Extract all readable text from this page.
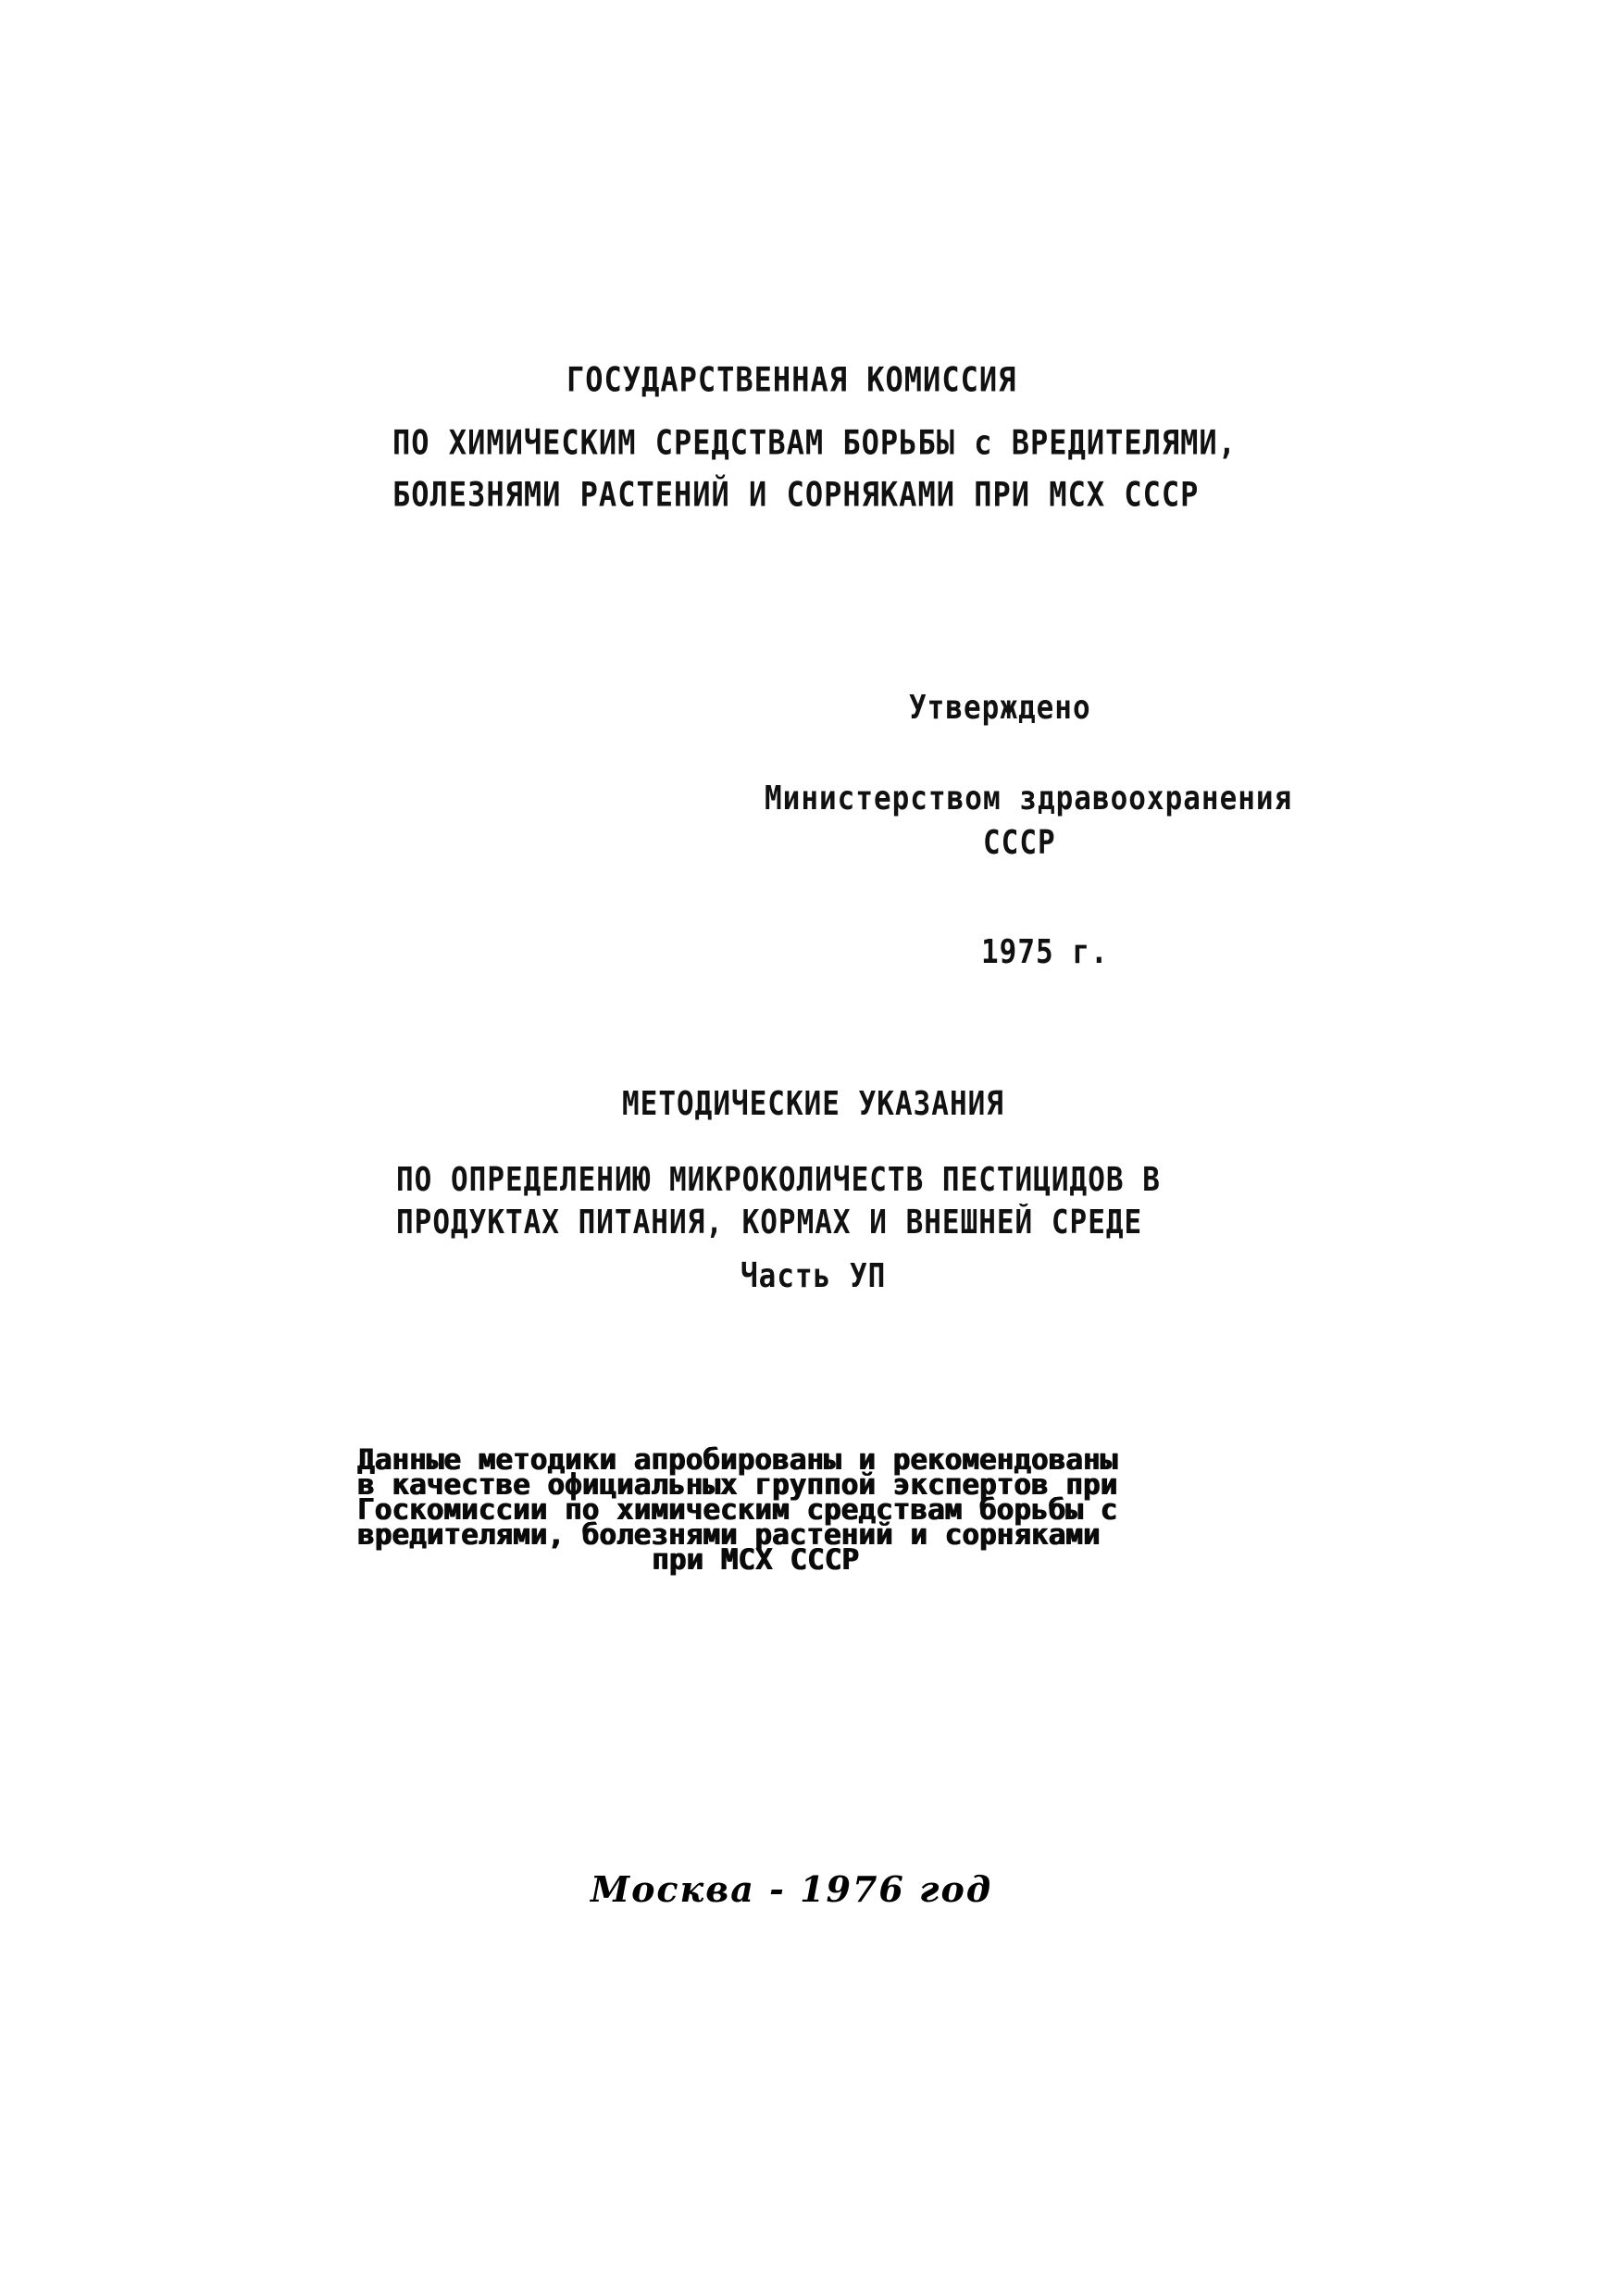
ГОСУДАРСТВЕННАЯ КОМИССИЯ
ПО ХИМИЧЕСКИМ СРЕДСТВАМ БОРЬБЫ с ВРЕДИТЕЛЯМИ,
БОЛЕЗНЯМИ РАСТЕНИЙ И СОРНЯКАМИ ПРИ МСХ СССР
Утверждено
Министерством здравоохранения
СССР
1975 г.
МЕТОДИЧЕСКИЕ УКАЗАНИЯ
ПО ОПРЕДЕЛЕНИЮ МИКРОКОЛИЧЕСТВ ПЕСТИЦИДОВ В
ПРОДУКТАХ ПИТАНИЯ, КОРМАХ И ВНЕШНЕЙ СРЕДЕ
Часть УП
Данные методики апробированы и рекомендованы
в качестве официальных группой экспертов при
Госкомиссии по химическим средствам борьбы с
вредителями, болезнями растений и сорняками
при МСХ СССР
Москва - 1976 год
